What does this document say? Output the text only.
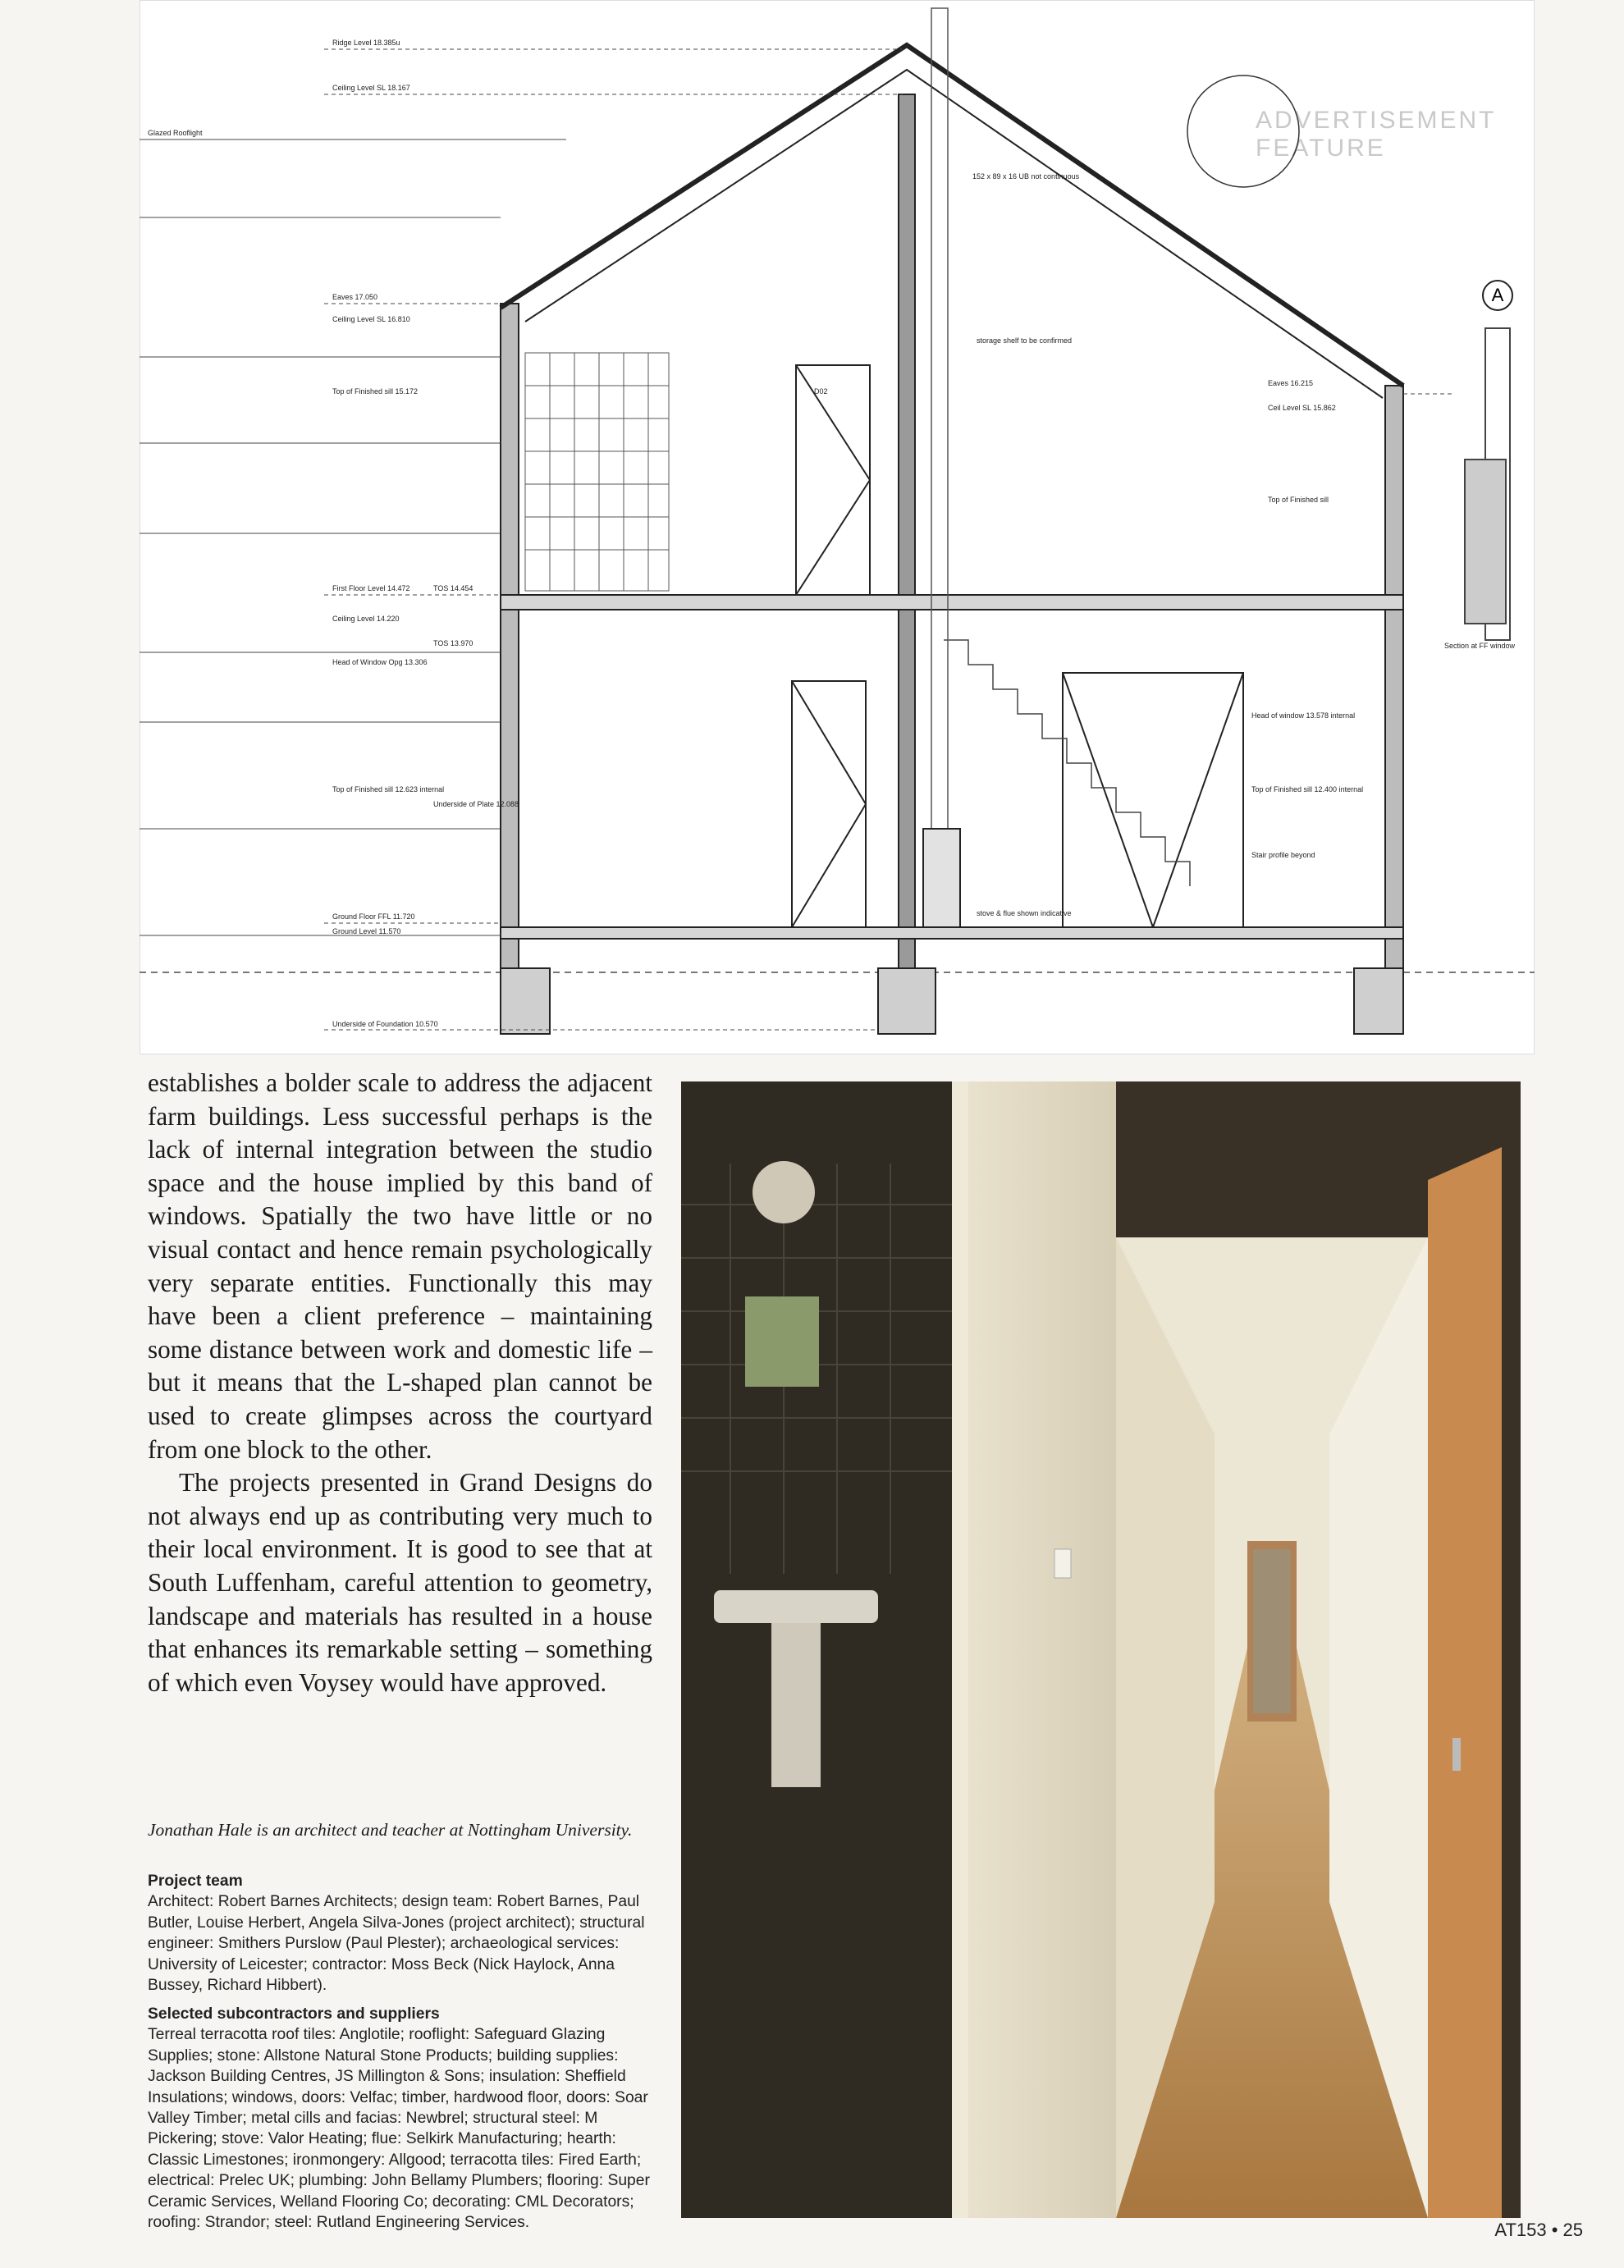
ADVERTISEMENT FEATURE
A
Ridge Level 18.385u
Ceiling Level SL 18.167
Glazed Rooflight
Eaves 17.050
Ceiling Level SL 16.810
Top of Finished sill 15.172
First Floor Level 14.472	TOS 14.454
Ceiling Level 14.220
TOS 13.970
Head of Window Opg 13.306
Head of window 13.578 internal
Top of Finished sill 12.623 internal	Top of Finished sill 12.400 internal
Underside of Plate 12.088
Ground Floor FFL 11.720
Ground Level 11.570
Underside of Foundation 10.570
Eaves 16.215
Ceil Level SL 15.862
Top of Finished sill
Stair profile beyond
storage shelf to be confirmed
152 x 89 x 16 UB not continuous
stove & flue shown indicative
D02
Section at FF window

establishes a bolder scale to address the adjacent farm buildings. Less successful perhaps is the lack of internal integration between the studio space and the house implied by this band of windows. Spatially the two have little or no visual contact and hence remain psychologically very separate entities. Functionally this may have been a client preference – maintaining some distance between work and domestic life – but it means that the L-shaped plan cannot be used to create glimpses across the courtyard from one block to the other.

The projects presented in Grand Designs do not always end up as contributing very much to their local environment. It is good to see that at South Luffenham, careful attention to geometry, landscape and materials has resulted in a house that enhances its remarkable setting – something of which even Voysey would have approved.

Jonathan Hale is an architect and teacher at Nottingham University.
Project team
Architect: Robert Barnes Architects; design team: Robert Barnes, Paul Butler, Louise Herbert, Angela Silva-Jones (project architect); structural engineer: Smithers Purslow (Paul Plester); archaeological services: University of Leicester; contractor: Moss Beck (Nick Haylock, Anna Bussey, Richard Hibbert).
Selected subcontractors and suppliers
Terreal terracotta roof tiles: Anglotile; rooflight: Safeguard Glazing Supplies; stone: Allstone Natural Stone Products; building supplies: Jackson Building Centres, JS Millington & Sons; insulation: Sheffield Insulations; windows, doors: Velfac; timber, hardwood floor, doors: Soar Valley Timber; metal cills and facias: Newbrel; structural steel: M Pickering; stove: Valor Heating; flue: Selkirk Manufacturing; hearth: Classic Limestones; ironmongery: Allgood; terracotta tiles: Fired Earth; electrical: Prelec UK; plumbing: John Bellamy Plumbers; flooring: Super Ceramic Services, Welland Flooring Co; decorating: CML Decorators; roofing: Strandor; steel: Rutland Engineering Services.	AT153 • 25
